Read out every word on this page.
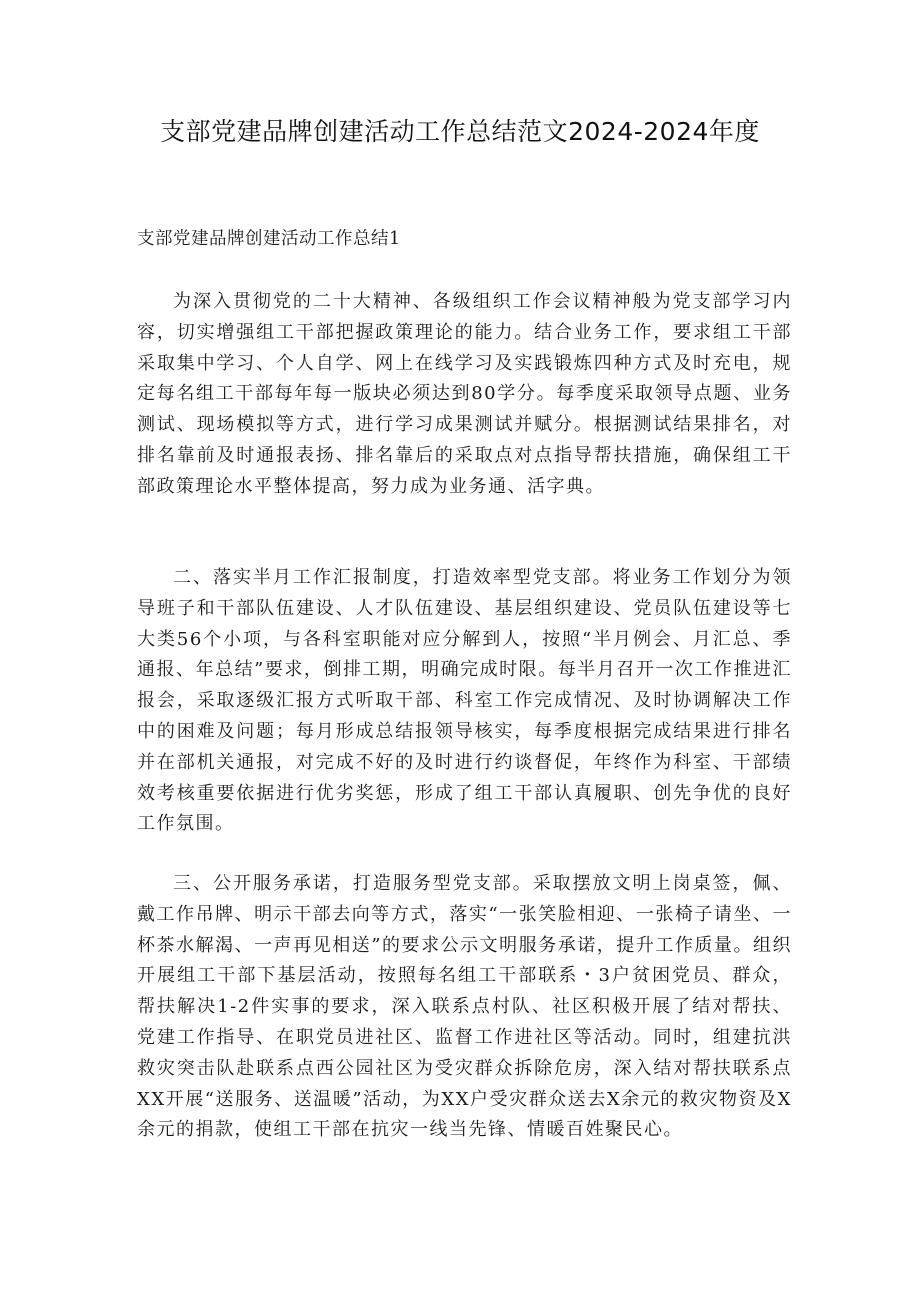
支部党建品牌创建活动工作总结范文2024-2024年度
支部党建品牌创建活动工作总结1

为深入贯彻党的二十大精神、各级组织工作会议精神般为党支部学习内容，切实增强组工干部把握政策理论的能力。结合业务工作，要求组工干部采取集中学习、个人自学、网上在线学习及实践锻炼四种方式及时充电，规定每名组工干部每年每一版块必须达到80学分。每季度采取领导点题、业务测试、现场模拟等方式，进行学习成果测试并赋分。根据测试结果排名，对排名靠前及时通报表扬、排名靠后的采取点对点指导帮扶措施，确保组工干部政策理论水平整体提高，努力成为业务通、活字典。

二、落实半月工作汇报制度，打造效率型党支部。将业务工作划分为领导班子和干部队伍建设、人才队伍建设、基层组织建设、党员队伍建设等七大类56个小项，与各科室职能对应分解到人，按照“半月例会、月汇总、季通报、年总结”要求，倒排工期，明确完成时限。每半月召开一次工作推进汇报会，采取逐级汇报方式听取干部、科室工作完成情况、及时协调解决工作中的困难及问题；每月形成总结报领导核实，每季度根据完成结果进行排名并在部机关通报，对完成不好的及时进行约谈督促，年终作为科室、干部绩效考核重要依据进行优劣奖惩，形成了组工干部认真履职、创先争优的良好工作氛围。

三、公开服务承诺，打造服务型党支部。采取摆放文明上岗桌签，佩、戴工作吊牌、明示干部去向等方式，落实“一张笑脸相迎、一张椅子请坐、一杯茶水解渴、一声再见相送”的要求公示文明服务承诺，提升工作质量。组织开展组工干部下基层活动，按照每名组工干部联系・3户贫困党员、群众，帮扶解决1-2件实事的要求，深入联系点村队、社区积极开展了结对帮扶、党建工作指导、在职党员进社区、监督工作进社区等活动。同时，组建抗洪救灾突击队赴联系点西公园社区为受灾群众拆除危房，深入结对帮扶联系点XX开展“送服务、送温暖”活动，为XX户受灾群众送去X余元的救灾物资及X余元的捐款，使组工干部在抗灾一线当先锋、情暖百姓聚民心。
